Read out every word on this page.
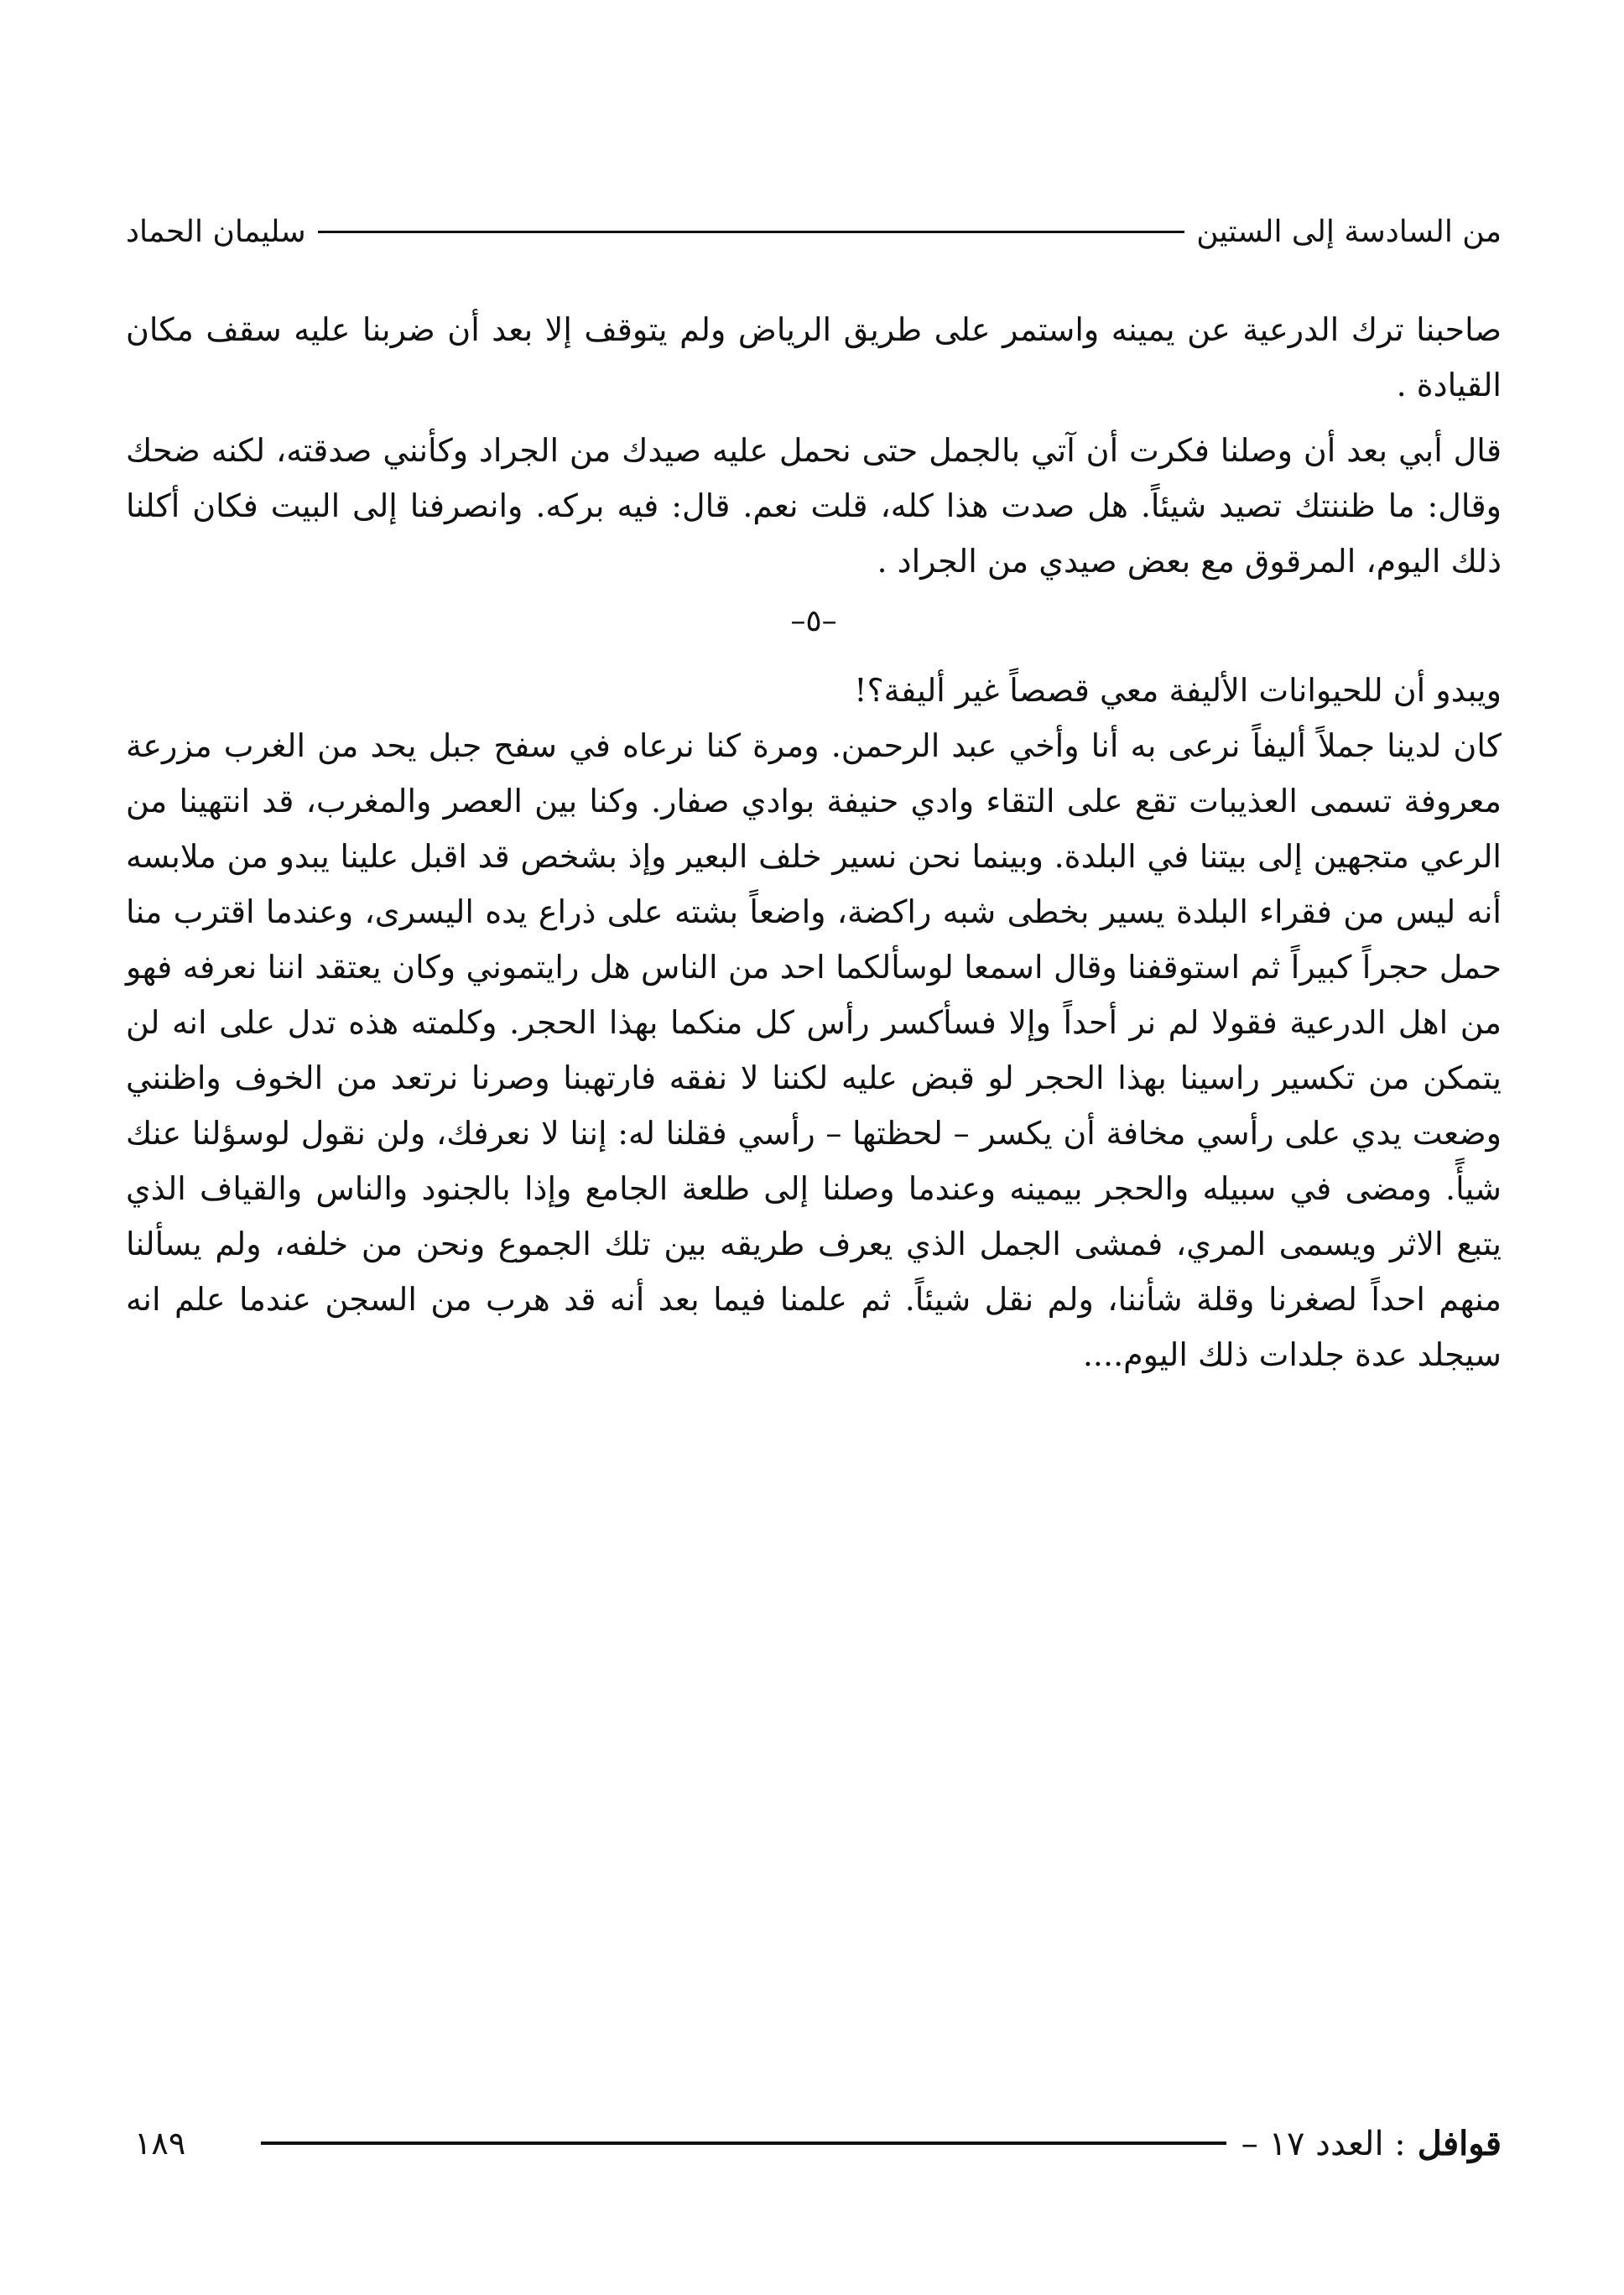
من السادسة إلى الستين
سليمان الحماد

صاحبنا ترك الدرعية عن يمينه واستمر على طريق الرياض ولم يتوقف إلا بعد أن ضربنا عليه سقف مكان القيادة .

قال أبي بعد أن وصلنا فكرت أن آتي بالجمل حتى نحمل عليه صيدك من الجراد وكأنني صدقته، لكنه ضحك وقال: ما ظننتك تصيد شيئاً. هل صدت هذا كله، قلت نعم. قال: فيه بركه. وانصرفنا إلى البيت فكان أكلنا ذلك اليوم، المرقوق مع بعض صيدي من الجراد .

–٥–

ويبدو أن للحيوانات الأليفة معي قصصاً غير أليفة؟!

كان لدينا جملاً أليفاً نرعى به أنا وأخي عبد الرحمن. ومرة كنا نرعاه في سفح جبل يحد من الغرب مزرعة معروفة تسمى العذيبات تقع على التقاء وادي حنيفة بوادي صفار. وكنا بين العصر والمغرب، قد انتهينا من الرعي متجهين إلى بيتنا في البلدة. وبينما نحن نسير خلف البعير وإذ بشخص قد اقبل علينا يبدو من ملابسه أنه ليس من فقراء البلدة يسير بخطى شبه راكضة، واضعاً بشته على ذراع يده اليسرى، وعندما اقترب منا حمل حجراً كبيراً ثم استوقفنا وقال اسمعا لوسألكما احد من الناس هل رايتموني وكان يعتقد اننا نعرفه فهو من اهل الدرعية فقولا لم نر أحداً وإلا فسأكسر رأس كل منكما بهذا الحجر. وكلمته هذه تدل على انه لن يتمكن من تكسير راسينا بهذا الحجر لو قبض عليه لكننا لا نفقه فارتهبنا وصرنا نرتعد من الخوف واظنني وضعت يدي على رأسي مخافة أن يكسر – لحظتها – رأسي فقلنا له: إننا لا نعرفك، ولن نقول لوسؤلنا عنك شيأً. ومضى في سبيله والحجر بيمينه وعندما وصلنا إلى طلعة الجامع وإذا بالجنود والناس والقياف الذي يتبع الاثر ويسمى المري، فمشى الجمل الذي يعرف طريقه بين تلك الجموع ونحن من خلفه، ولم يسألنا منهم احداً لصغرنا وقلة شأننا، ولم نقل شيئاً. ثم علمنا فيما بعد أنه قد هرب من السجن عندما علم انه سيجلد عدة جلدات ذلك اليوم....

قوافل : العدد ١٧ –
١٨٩
